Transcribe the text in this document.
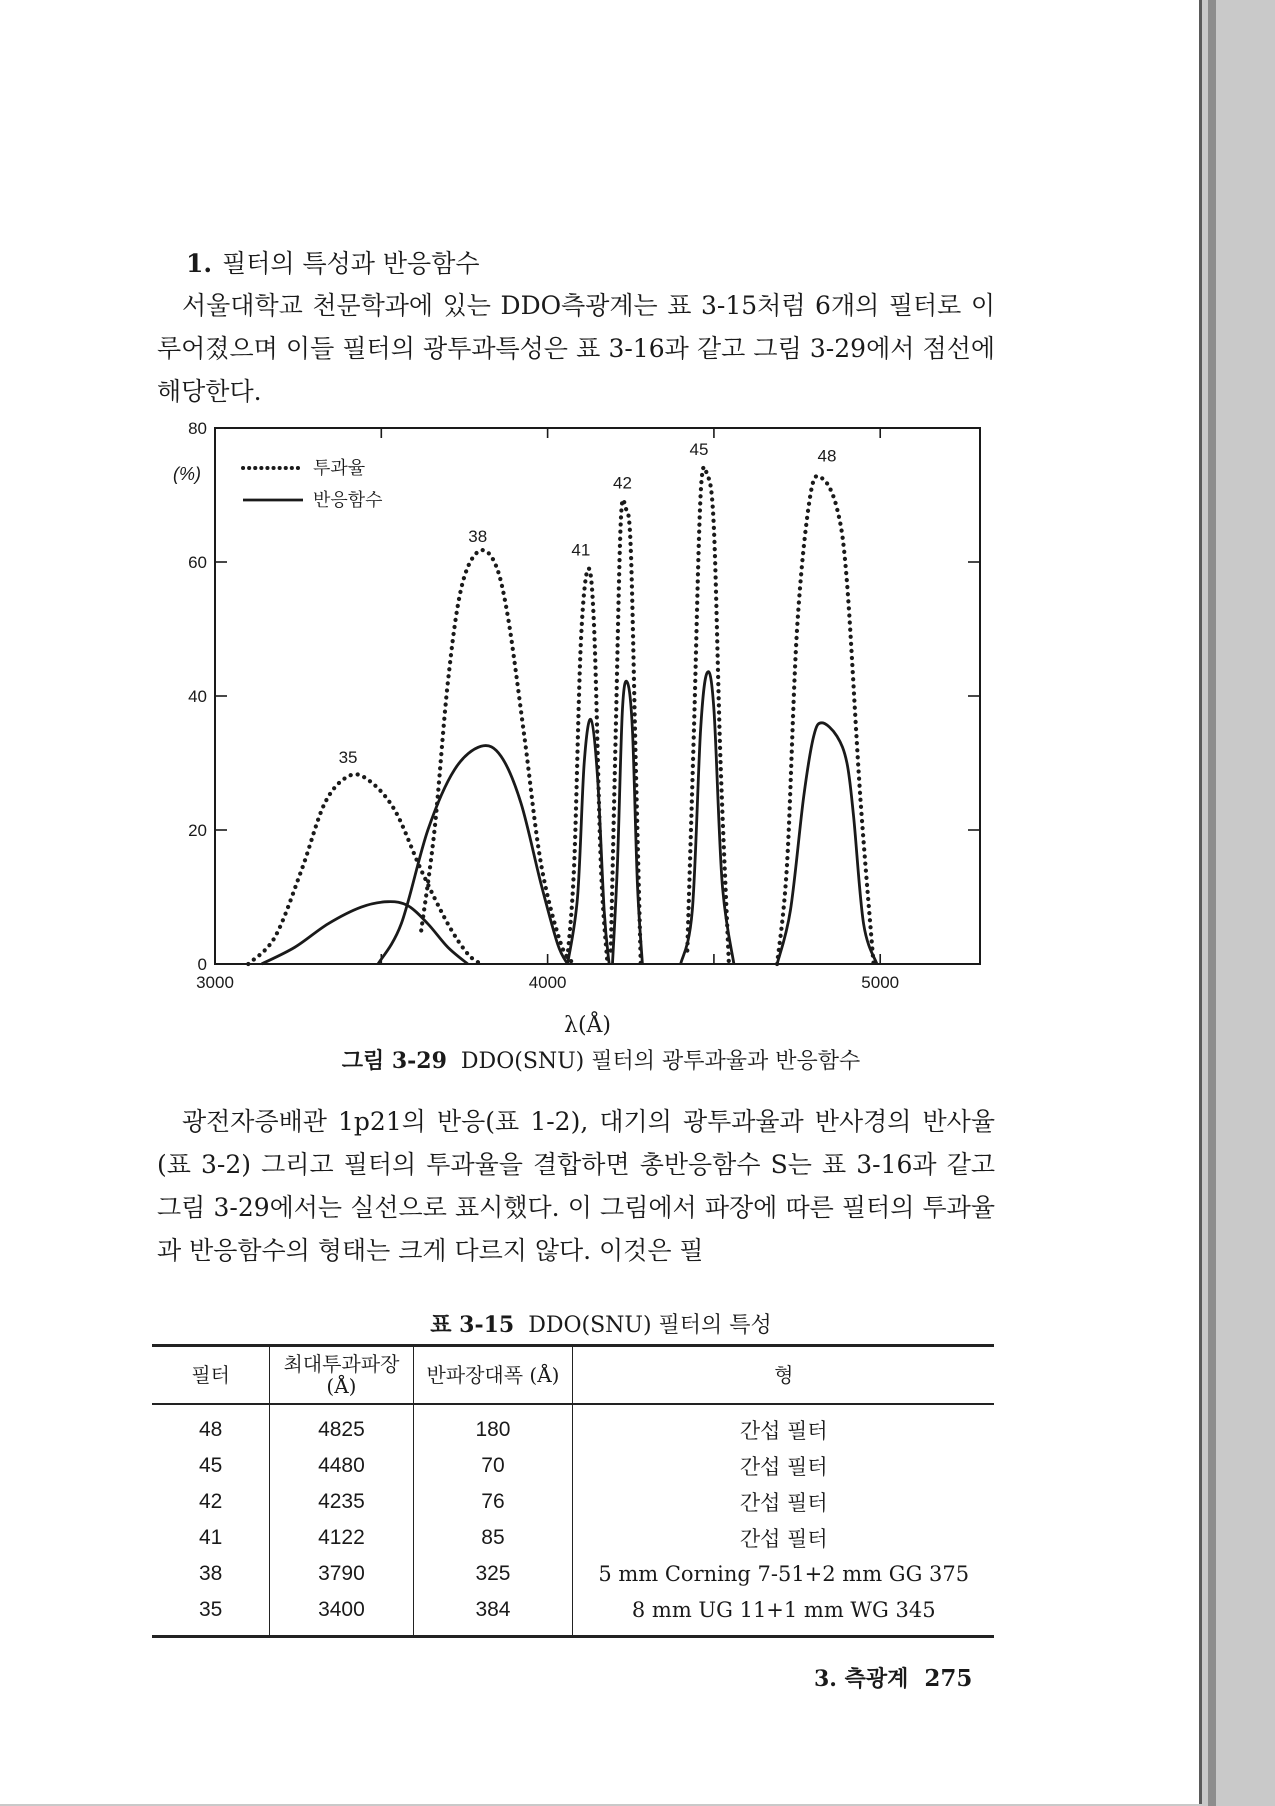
1. 필터의 특성과 반응함수

서울대학교 천문학과에 있는 DDO측광계는 표 3-15처럼 6개의 필터로 이루어졌으며 이들 필터의 광투과특성은 표 3-16과 같고 그림 3-29에서 점선에 해당한다.

3000	4000	5000
0
20
40
60
80
(%)
λ(Å)
35
38
41
42
45	48
투과율
반응함수
그림 3-29 DDO(SNU) 필터의 광투과율과 반응함수

광전자증배관 1p21의 반응(표 1-2), 대기의 광투과율과 반사경의 반사율(표 3-2) 그리고 필터의 투과율을 결합하면 총반응함수 S는 표 3-16과 같고 그림 3-29에서는 실선으로 표시했다. 이 그림에서 파장에 따른 필터의 투과율과 반응함수의 형태는 크게 다르지 않다. 이것은 필

표 3-15 DDO(SNU) 필터의 특성
필터	최대투과파장 (Å)	반파장대폭 (Å)	형
48	4825	180	간섭 필터
45	4480	70	간섭 필터
42	4235	76	간섭 필터
41	4122	85	간섭 필터
38	3790	325	5 mm Corning 7-51+2 mm GG 375
35	3400	384	8 mm UG 11+1 mm WG 345
3. 측광계 275
